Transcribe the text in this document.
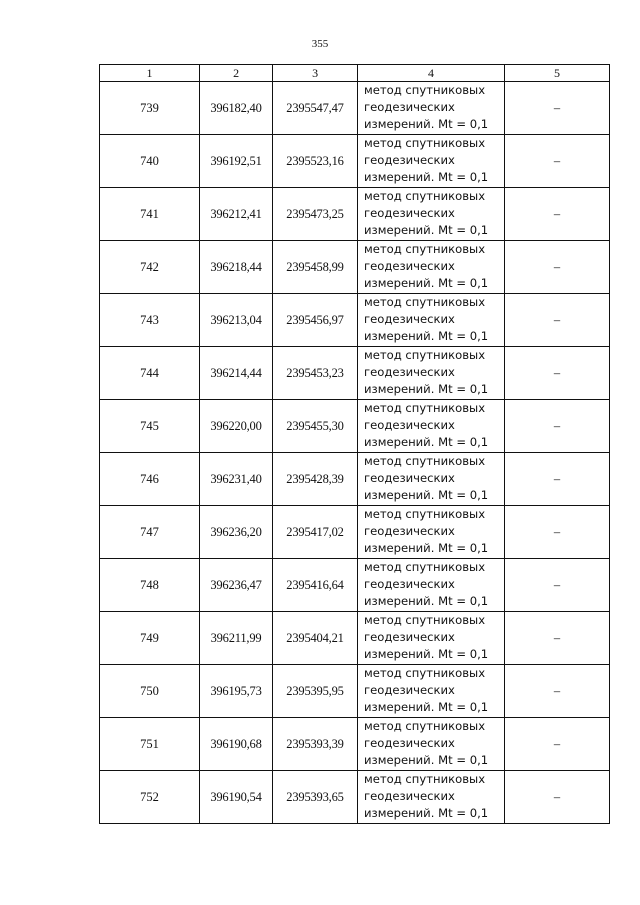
355
1	2	3	4	5
739	396182,40	2395547,47	метод спутниковых
геодезических
измерений. Mt = 0,1	–
740	396192,51	2395523,16	метод спутниковых
геодезических
измерений. Mt = 0,1	–
741	396212,41	2395473,25	метод спутниковых
геодезических
измерений. Mt = 0,1	–
742	396218,44	2395458,99	метод спутниковых
геодезических
измерений. Mt = 0,1	–
743	396213,04	2395456,97	метод спутниковых
геодезических
измерений. Mt = 0,1	–
744	396214,44	2395453,23	метод спутниковых
геодезических
измерений. Mt = 0,1	–
745	396220,00	2395455,30	метод спутниковых
геодезических
измерений. Mt = 0,1	–
746	396231,40	2395428,39	метод спутниковых
геодезических
измерений. Mt = 0,1	–
747	396236,20	2395417,02	метод спутниковых
геодезических
измерений. Mt = 0,1	–
748	396236,47	2395416,64	метод спутниковых
геодезических
измерений. Mt = 0,1	–
749	396211,99	2395404,21	метод спутниковых
геодезических
измерений. Mt = 0,1	–
750	396195,73	2395395,95	метод спутниковых
геодезических
измерений. Mt = 0,1	–
751	396190,68	2395393,39	метод спутниковых
геодезических
измерений. Mt = 0,1	–
752	396190,54	2395393,65	метод спутниковых
геодезических
измерений. Mt = 0,1	–
